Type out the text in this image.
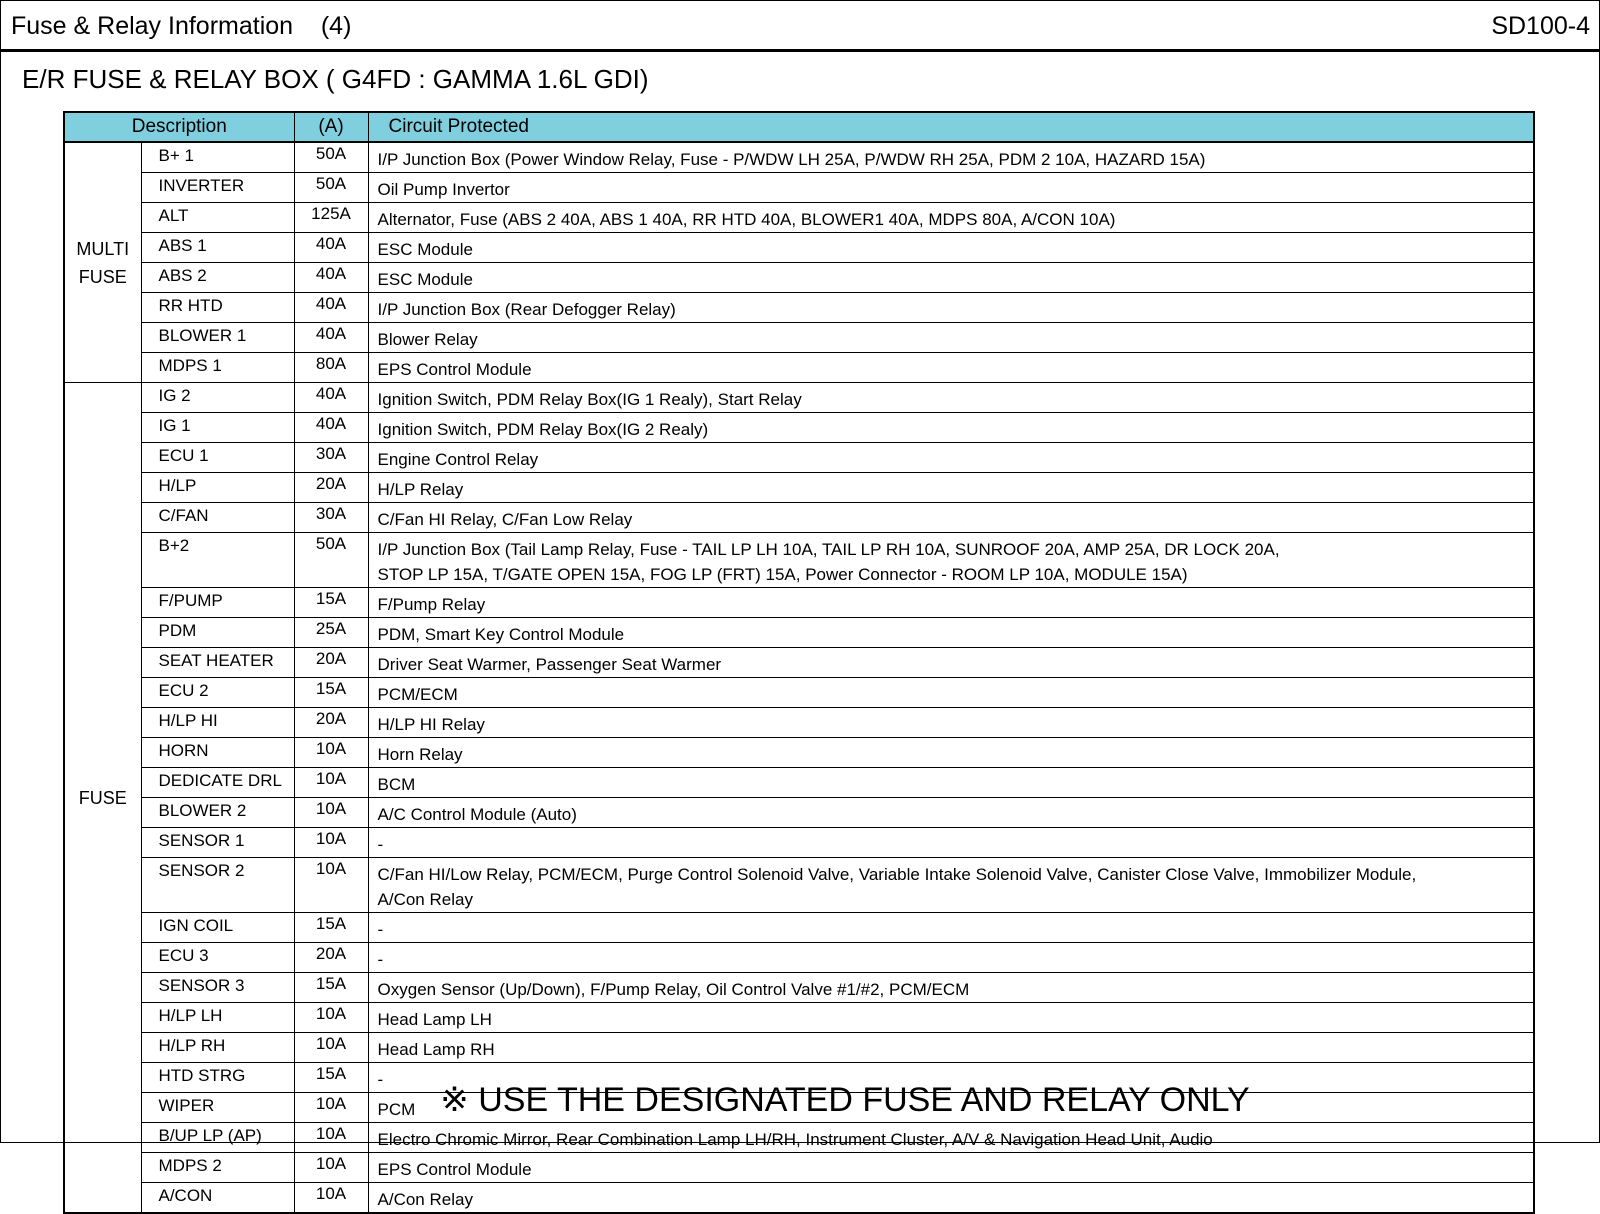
Fuse & Relay Information    (4)	SD100-4
E/R FUSE & RELAY BOX ( G4FD : GAMMA 1.6L GDI)
Description		(A)	Circuit Protected

MULTI
FUSE	B+ 1	50A	I/P Junction Box (Power Window Relay, Fuse - P/WDW LH 25A, P/WDW RH 25A, PDM 2 10A, HAZARD 15A)

	INVERTER	50A	Oil Pump Invertor

	ALT	125A	Alternator, Fuse (ABS 2 40A, ABS 1 40A, RR HTD 40A, BLOWER1 40A, MDPS 80A, A/CON 10A)

	ABS 1	40A	ESC Module

	ABS 2	40A	ESC Module

	RR HTD	40A	I/P Junction Box (Rear Defogger Relay)

	BLOWER 1	40A	Blower Relay

	MDPS 1	80A	EPS Control Module

FUSE	IG 2	40A	Ignition Switch, PDM Relay Box(IG 1 Realy), Start Relay

	IG 1	40A	Ignition Switch, PDM Relay Box(IG 2 Realy)

	ECU 1	30A	Engine Control Relay

	H/LP	20A	H/LP Relay

	C/FAN	30A	C/Fan HI Relay, C/Fan Low Relay

	B+2	50A	I/P Junction Box (Tail Lamp Relay, Fuse - TAIL LP LH 10A, TAIL LP RH 10A, SUNROOF 20A, AMP 25A, DR LOCK 20A,
STOP LP 15A, T/GATE OPEN 15A, FOG LP (FRT) 15A, Power Connector - ROOM LP 10A, MODULE 15A)

	F/PUMP	15A	F/Pump Relay

	PDM	25A	PDM, Smart Key Control Module

	SEAT HEATER	20A	Driver Seat Warmer, Passenger Seat Warmer

	ECU 2	15A	PCM/ECM

	H/LP HI	20A	H/LP HI Relay

	HORN	10A	Horn Relay

	DEDICATE DRL	10A	BCM

	BLOWER 2	10A	A/C Control Module (Auto)

	SENSOR 1	10A	-

	SENSOR 2	10A	C/Fan HI/Low Relay, PCM/ECM, Purge Control Solenoid Valve, Variable Intake Solenoid Valve, Canister Close Valve, Immobilizer Module,
A/Con Relay

	IGN COIL	15A	-

	ECU 3	20A	-

	SENSOR 3	15A	Oxygen Sensor (Up/Down), F/Pump Relay, Oil Control Valve #1/#2, PCM/ECM

	H/LP LH	10A	Head Lamp LH

	H/LP RH	10A	Head Lamp RH

	HTD STRG	15A	-

	WIPER	10A	PCM

	B/UP LP (AP)	10A	Electro Chromic Mirror, Rear Combination Lamp LH/RH, Instrument Cluster, A/V & Navigation Head Unit, Audio

	MDPS 2	10A	EPS Control Module

	A/CON	10A	A/Con Relay
※ USE THE DESIGNATED FUSE AND RELAY ONLY
